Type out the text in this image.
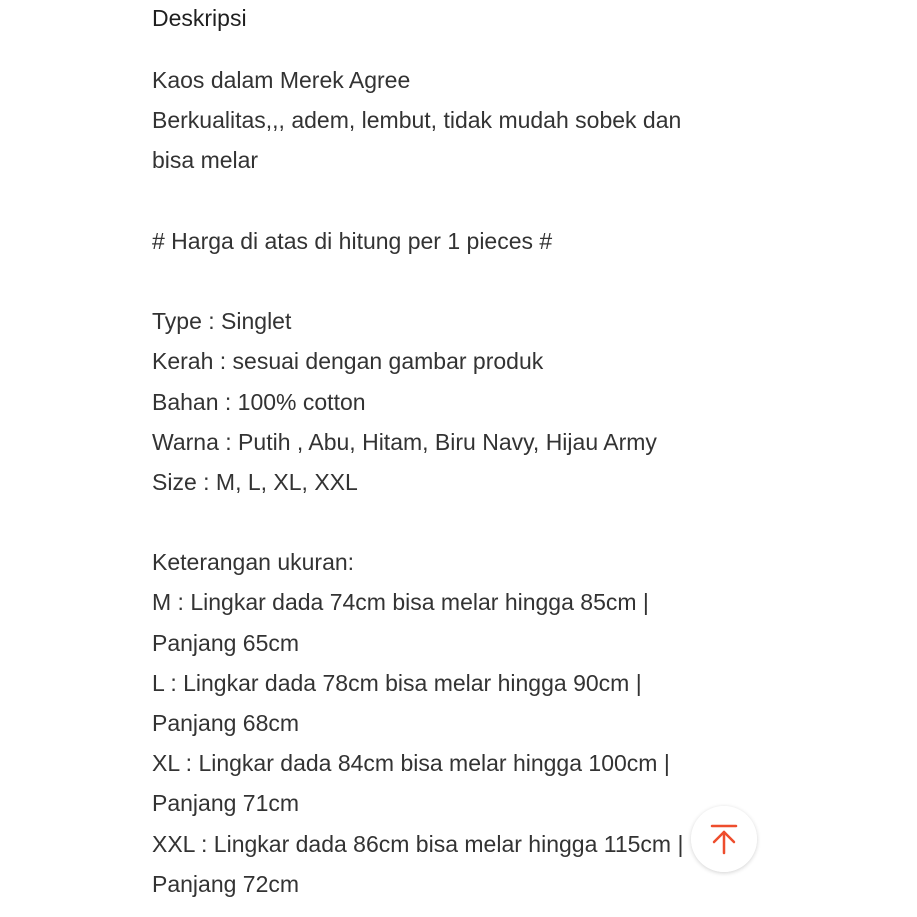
Deskripsi
Kaos dalam Merek Agree
Berkualitas,,, adem, lembut, tidak mudah sobek dan
bisa melar
# Harga di atas di hitung per 1 pieces #
Type : Singlet
Kerah : sesuai dengan gambar produk
Bahan : 100% cotton
Warna : Putih , Abu, Hitam, Biru Navy, Hijau Army
Size : M, L, XL, XXL
Keterangan ukuran:
M : Lingkar dada 74cm bisa melar hingga 85cm |
Panjang 65cm
L : Lingkar dada 78cm bisa melar hingga 90cm |
Panjang 68cm
XL : Lingkar dada 84cm bisa melar hingga 100cm |
Panjang 71cm
XXL : Lingkar dada 86cm bisa melar hingga 115cm |
Panjang 72cm
